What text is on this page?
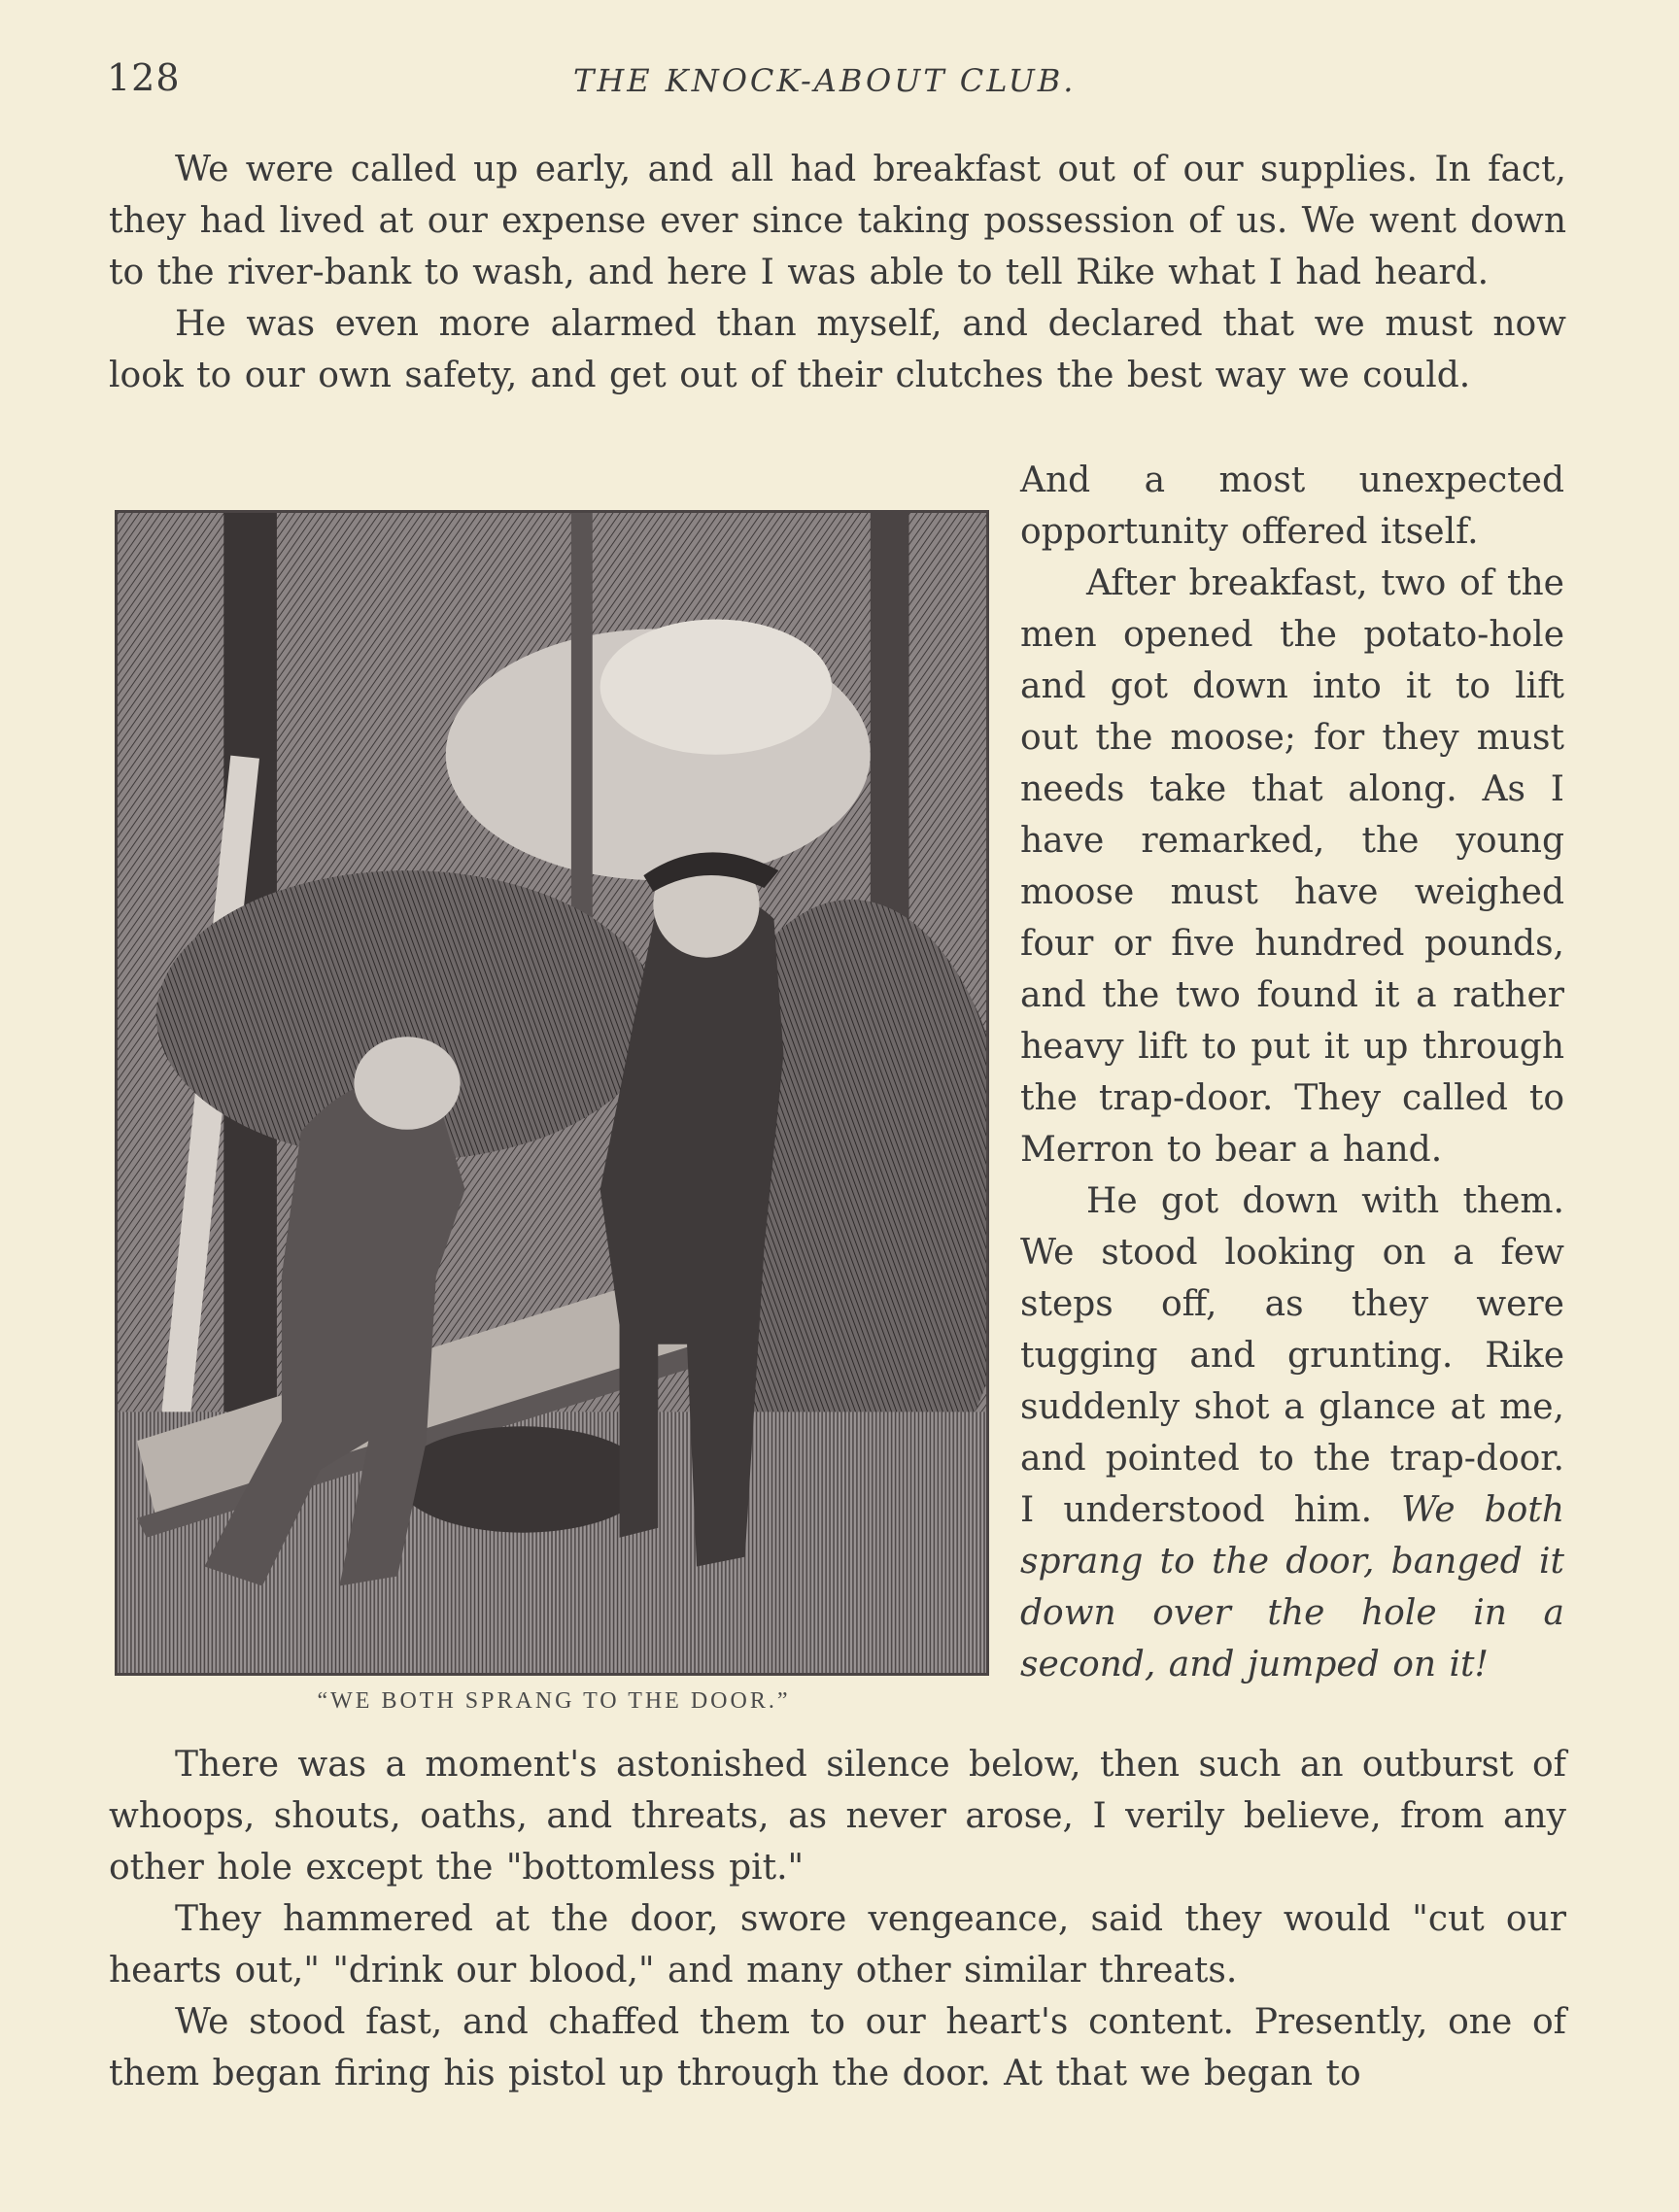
128	THE KNOCK-ABOUT CLUB.

We were called up early, and all had breakfast out of our supplies. In fact, they had lived at our expense ever since taking possession of us. We went down to the river-bank to wash, and here I was able to tell Rike what I had heard.

He was even more alarmed than myself, and declared that we must now look to our own safety, and get out of their clutches the best way we could.

“WE BOTH SPRANG TO THE DOOR.”

And a most unexpected opportunity offered itself.

After breakfast, two of the men opened the potato-hole and got down into it to lift out the moose; for they must needs take that along. As I have remarked, the young moose must have weighed four or five hundred pounds, and the two found it a rather heavy lift to put it up through the trap-door. They called to Merron to bear a hand.

He got down with them. We stood looking on a few steps off, as they were tugging and grunting. Rike suddenly shot a glance at me, and pointed to the trap-door. I understood him. We both sprang to the door, banged it down over the hole in a second, and jumped on it!

There was a moment's astonished silence below, then such an outburst of whoops, shouts, oaths, and threats, as never arose, I verily believe, from any other hole except the "bottomless pit."

They hammered at the door, swore vengeance, said they would "cut our hearts out," "drink our blood," and many other similar threats.

We stood fast, and chaffed them to our heart's content. Presently, one of them began firing his pistol up through the door. At that we began to
